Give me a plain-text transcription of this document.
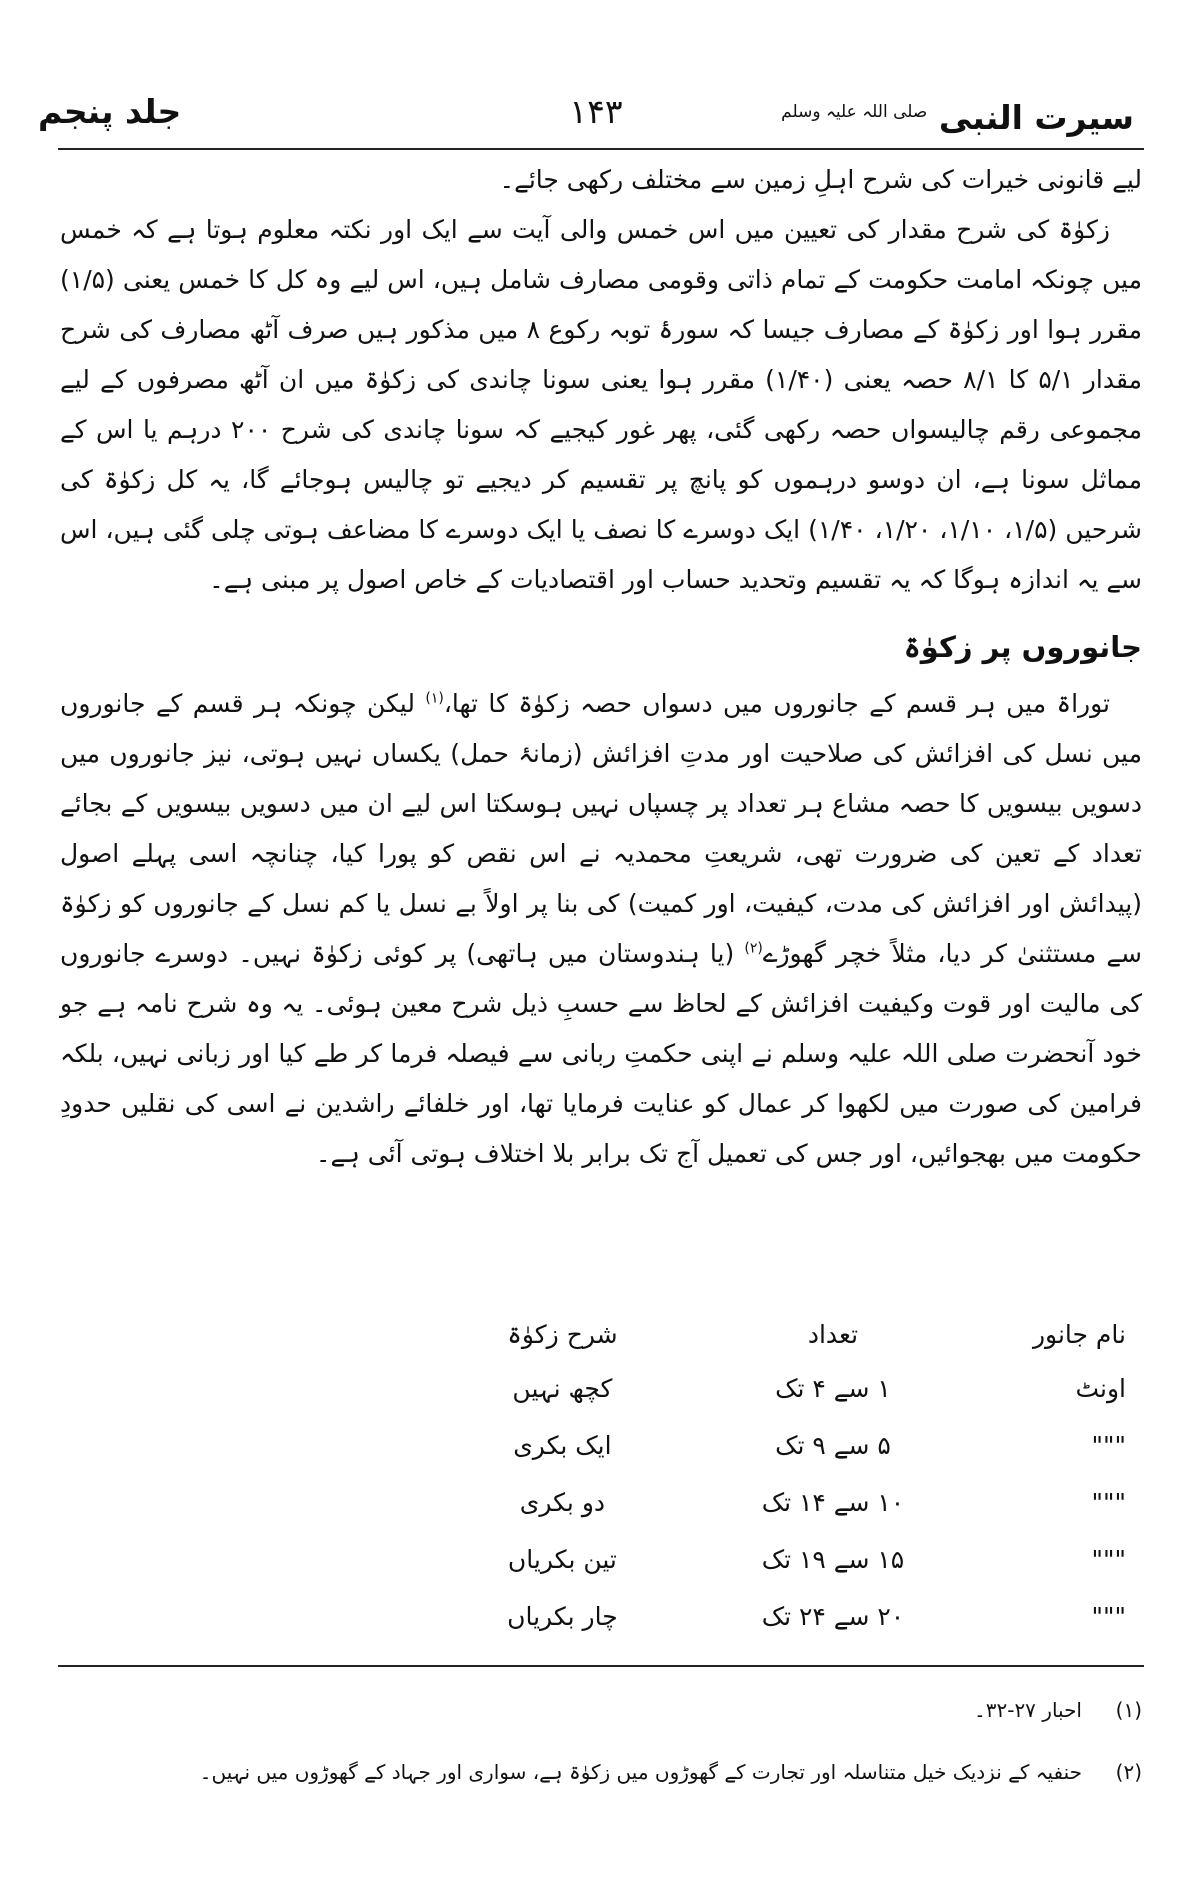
سیرت النبی $^{صلی اللہ علیہ وسلم}$
۱۴۳
جلد پنجم

لیے قانونی خیرات کی شرح اہلِ زمین سے مختلف رکھی جائے۔

زکوٰۃ کی شرح مقدار کی تعیین میں اس خمس والی آیت سے ایک اور نکتہ معلوم ہوتا ہے کہ خمس میں چونکہ امامت حکومت کے تمام ذاتی وقومی مصارف شامل ہیں، اس لیے وہ کل کا خمس یعنی (۱/۵) مقرر ہوا اور زکوٰۃ کے مصارف جیسا کہ سورۂ توبہ رکوع ۸ میں مذکور ہیں صرف آٹھ مصارف کی شرح مقدار ۵/۱ کا ۸/۱ حصہ یعنی (۱/۴۰) مقرر ہوا یعنی سونا چاندی کی زکوٰۃ میں ان آٹھ مصرفوں کے لیے مجموعی رقم چالیسواں حصہ رکھی گئی، پھر غور کیجیے کہ سونا چاندی کی شرح ۲۰۰ درہم یا اس کے مماثل سونا ہے، ان دوسو درہموں کو پانچ پر تقسیم کر دیجیے تو چالیس ہوجائے گا، یہ کل زکوٰۃ کی شرحیں (۱/۵، ۱/۱۰، ۱/۲۰، ۱/۴۰) ایک دوسرے کا نصف یا ایک دوسرے کا مضاعف ہوتی چلی گئی ہیں، اس سے یہ اندازہ ہوگا کہ یہ تقسیم وتحدید حساب اور اقتصادیات کے خاص اصول پر مبنی ہے۔

جانوروں پر زکوٰۃ

توراۃ میں ہر قسم کے جانوروں میں دسواں حصہ زکوٰۃ کا تھا،$^{(۱)}$ لیکن چونکہ ہر قسم کے جانوروں میں نسل کی افزائش کی صلاحیت اور مدتِ افزائش (زمانۂ حمل) یکساں نہیں ہوتی، نیز جانوروں میں دسویں بیسویں کا حصہ مشاع ہر تعداد پر چسپاں نہیں ہوسکتا اس لیے ان میں دسویں بیسویں کے بجائے تعداد کے تعین کی ضرورت تھی، شریعتِ محمدیہ نے اس نقص کو پورا کیا، چنانچہ اسی پہلے اصول (پیدائش اور افزائش کی مدت، کیفیت، اور کمیت) کی بنا پر اولاً بے نسل یا کم نسل کے جانوروں کو زکوٰۃ سے مستثنیٰ کر دیا، مثلاً خچر گھوڑے$^{(۲)}$ (یا ہندوستان میں ہاتھی) پر کوئی زکوٰۃ نہیں۔ دوسرے جانوروں کی مالیت اور قوت وکیفیت افزائش کے لحاظ سے حسبِ ذیل شرح معین ہوئی۔ یہ وہ شرح نامہ ہے جو خود آنحضرت صلی اللہ علیہ وسلم نے اپنی حکمتِ ربانی سے فیصلہ فرما کر طے کیا اور زبانی نہیں، بلکہ فرامین کی صورت میں لکھوا کر عمال کو عنایت فرمایا تھا، اور خلفائے راشدین نے اسی کی نقلیں حدودِ حکومت میں بھجوائیں، اور جس کی تعمیل آج تک برابر بلا اختلاف ہوتی آئی ہے۔

نام جانور	تعداد	شرح زکوٰۃ
اونٹ	۱ سے ۴ تک	کچھ نہیں
"""	۵ سے ۹ تک	ایک بکری
"""	۱۰ سے ۱۴ تک	دو بکری
"""	۱۵ سے ۱۹ تک	تین بکریاں
"""	۲۰ سے ۲۴ تک	چار بکریاں
(۱)
احبار ۲۷-۳۲۔
(۲)
حنفیہ کے نزدیک خیل متناسلہ اور تجارت کے گھوڑوں میں زکوٰۃ ہے، سواری اور جہاد کے گھوڑوں میں نہیں۔
